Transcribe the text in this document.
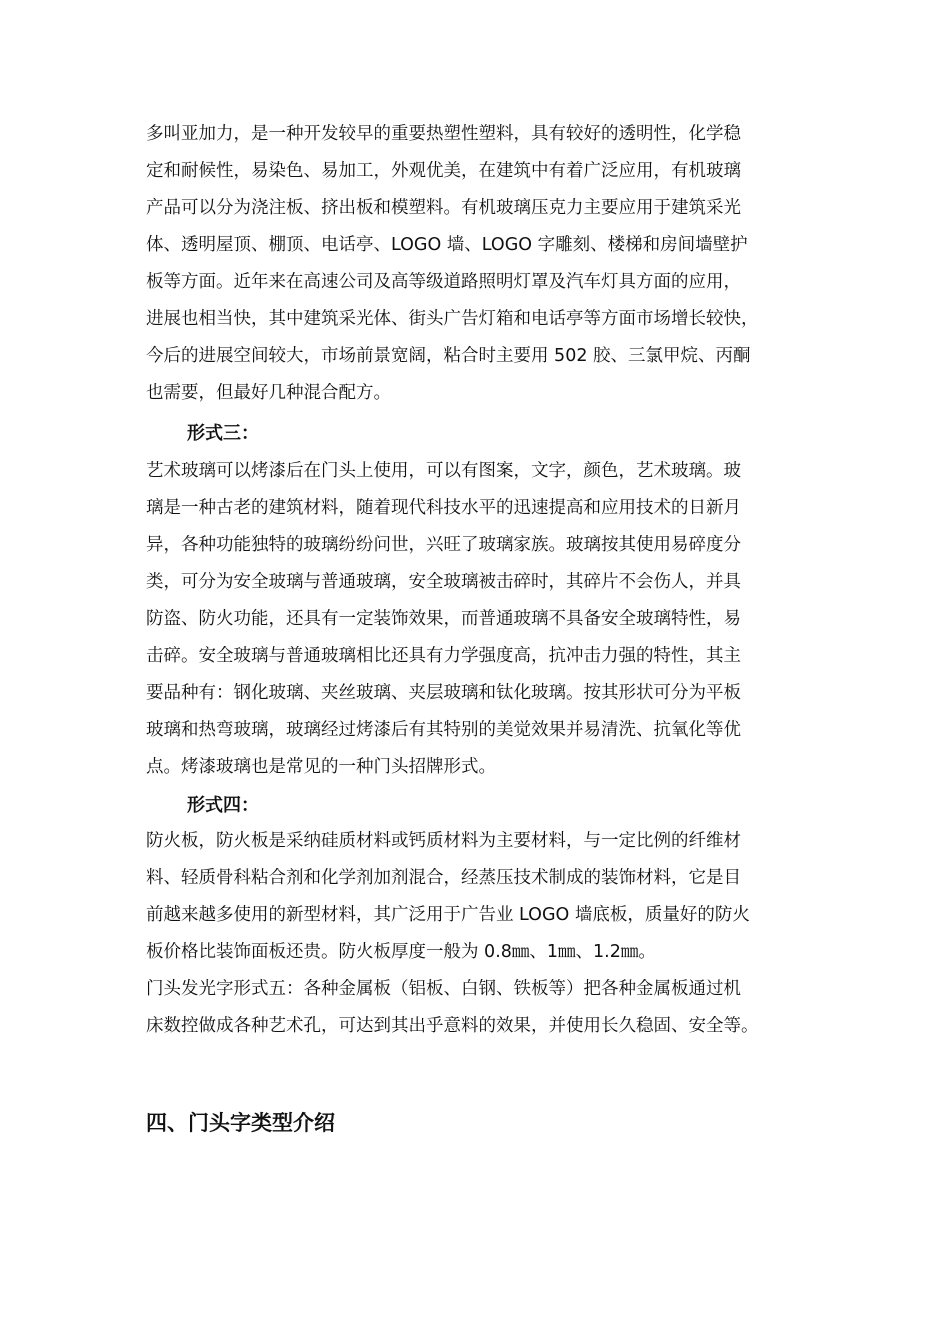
多叫亚加力，是一种开发较早的重要热塑性塑料，具有较好的透明性，化学稳
定和耐候性，易染色、易加工，外观优美，在建筑中有着广泛应用，有机玻璃
产品可以分为浇注板、挤出板和模塑料。有机玻璃压克力主要应用于建筑采光
体、透明屋顶、棚顶、电话亭、LOGO 墙、LOGO 字雕刻、楼梯和房间墙壁护
板等方面。近年来在高速公司及高等级道路照明灯罩及汽车灯具方面的应用，
进展也相当快，其中建筑采光体、街头广告灯箱和电话亭等方面市场增长较快，
今后的进展空间较大，市场前景宽阔，粘合时主要用 502 胶、三氯甲烷、丙酮
也需要，但最好几种混合配方。
形式三：
艺术玻璃可以烤漆后在门头上使用，可以有图案，文字，颜色，艺术玻璃。玻
璃是一种古老的建筑材料，随着现代科技水平的迅速提高和应用技术的日新月
异，各种功能独特的玻璃纷纷问世，兴旺了玻璃家族。玻璃按其使用易碎度分
类，可分为安全玻璃与普通玻璃，安全玻璃被击碎时，其碎片不会伤人，并具
防盗、防火功能，还具有一定装饰效果，而普通玻璃不具备安全玻璃特性，易
击碎。安全玻璃与普通玻璃相比还具有力学强度高，抗冲击力强的特性，其主
要品种有：钢化玻璃、夹丝玻璃、夹层玻璃和钛化玻璃。按其形状可分为平板
玻璃和热弯玻璃，玻璃经过烤漆后有其特别的美觉效果并易清洗、抗氧化等优
点。烤漆玻璃也是常见的一种门头招牌形式。
形式四：
防火板，防火板是采纳硅质材料或钙质材料为主要材料，与一定比例的纤维材
料、轻质骨科粘合剂和化学剂加剂混合，经蒸压技术制成的装饰材料，它是目
前越来越多使用的新型材料，其广泛用于广告业 LOGO 墙底板，质量好的防火
板价格比装饰面板还贵。防火板厚度一般为 0.8㎜、1㎜、1.2㎜。
门头发光字形式五：各种金属板（铝板、白钢、铁板等）把各种金属板通过机
床数控做成各种艺术孔，可达到其出乎意料的效果，并使用长久稳固、安全等。
四、门头字类型介绍
